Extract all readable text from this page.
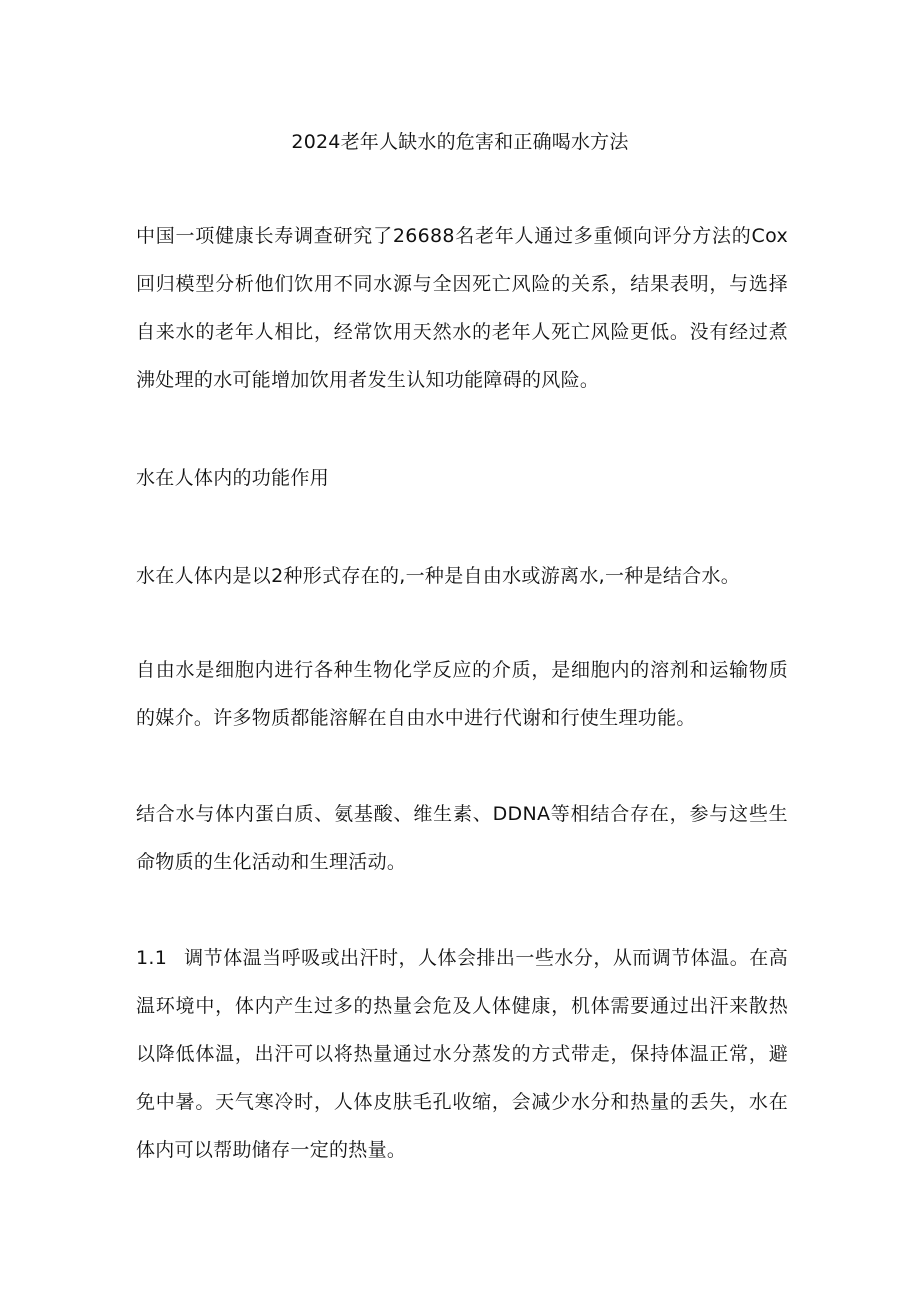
2024老年人缺水的危害和正确喝水方法

中国一项健康长寿调查研究了26688名老年人通过多重倾向评分方法的Cox回归模型分析他们饮用不同水源与全因死亡风险的关系，结果表明，与选择自来水的老年人相比，经常饮用天然水的老年人死亡风险更低。没有经过煮沸处理的水可能增加饮用者发生认知功能障碍的风险。

水在人体内的功能作用

水在人体内是以2种形式存在的,一种是自由水或游离水,一种是结合水。

自由水是细胞内进行各种生物化学反应的介质，是细胞内的溶剂和运输物质的媒介。许多物质都能溶解在自由水中进行代谢和行使生理功能。

结合水与体内蛋白质、氨基酸、维生素、DDNA等相结合存在，参与这些生命物质的生化活动和生理活动。

1.1 调节体温当呼吸或出汗时，人体会排出一些水分，从而调节体温。在高温环境中，体内产生过多的热量会危及人体健康，机体需要通过出汗来散热以降低体温，出汗可以将热量通过水分蒸发的方式带走，保持体温正常，避免中暑。天气寒冷时，人体皮肤毛孔收缩，会减少水分和热量的丢失，水在体内可以帮助储存一定的热量。
